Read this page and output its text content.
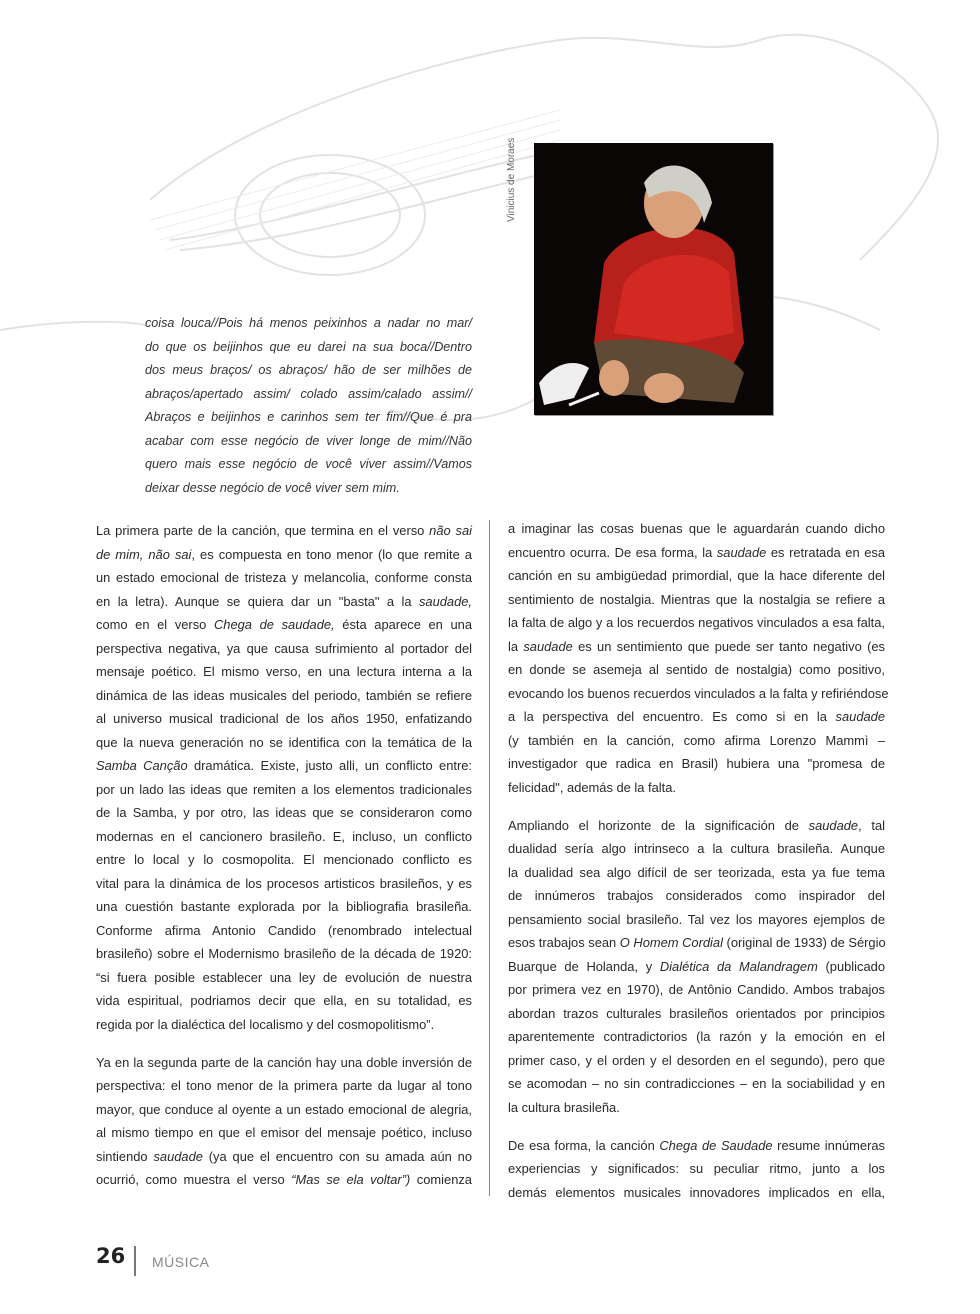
Vinicius de Moraes
coisa louca//Pois há menos peixinhos a nadar no mar/
do que os beijinhos que eu darei na sua boca//Dentro
dos meus braços/ os abraços/ hão de ser milhões de
abraços/apertado assim/ colado assim/calado assim//
Abraços e beijinhos e carinhos sem ter fim//Que é pra
acabar com esse negócio de viver longe de mim//Não
quero mais esse negócio de você viver assim//Vamos
deixar desse negócio de você viver sem mim.
La primera parte de la canción, que termina en el verso não sai
de mim, não sai, es compuesta en tono menor (lo que remite a
un estado emocional de tristeza y melancolia, conforme consta
en la letra). Aunque se quiera dar un "basta" a la saudade,
como en el verso Chega de saudade, ésta aparece en una
perspectiva negativa, ya que causa sufrimiento al portador del
mensaje poético. El mismo verso, en una lectura interna a la
dinámica de las ideas musicales del periodo, también se refiere
al universo musical tradicional de los años 1950, enfatizando
que la nueva generación no se identifica con la temática de la
Samba Canção dramática. Existe, justo alli, un conflicto entre:
por un lado las ideas que remiten a los elementos tradicionales
de la Samba, y por otro, las ideas que se consideraron como
modernas en el cancionero brasileño. E, incluso, un conflicto
entre lo local y lo cosmopolita. El mencionado conflicto es
vital para la dinámica de los procesos artisticos brasileños, y es
una cuestión bastante explorada por la bibliografia brasileña.
Conforme afirma Antonio Candido (renombrado intelectual
brasileño) sobre el Modernismo brasileño de la década de 1920:
“si fuera posible establecer una ley de evolución de nuestra
vida espiritual, podriamos decir que ella, en su totalidad, es
regida por la dialéctica del localismo y del cosmopolitismo”.
Ya en la segunda parte de la canción hay una doble inversión de
perspectiva: el tono menor de la primera parte da lugar al tono
mayor, que conduce al oyente a un estado emocional de alegria,
al mismo tiempo en que el emisor del mensaje poético, incluso
sintiendo saudade (ya que el encuentro con su amada aún no
ocurrió, como muestra el verso “Mas se ela voltar”) comienza
a imaginar las cosas buenas que le aguardarán cuando dicho
encuentro ocurra. De esa forma, la saudade es retratada en esa
canción en su ambigüedad primordial, que la hace diferente del
sentimiento de nostalgia. Mientras que la nostalgia se refiere a
la falta de algo y a los recuerdos negativos vinculados a esa falta,
la saudade es un sentimiento que puede ser tanto negativo (es
en donde se asemeja al sentido de nostalgia) como positivo,
evocando los buenos recuerdos vinculados a la falta y refiriéndose
a la perspectiva del encuentro. Es como si en la saudade
(y también en la canción, como afirma Lorenzo Mammì –
investigador que radica en Brasil) hubiera una "promesa de
felicidad", además de la falta.
Ampliando el horizonte de la significación de saudade, tal
dualidad sería algo intrinseco a la cultura brasileña. Aunque
la dualidad sea algo difícil de ser teorizada, esta ya fue tema
de innúmeros trabajos considerados como inspirador del
pensamiento social brasileño. Tal vez los mayores ejemplos de
esos trabajos sean O Homem Cordial (original de 1933) de Sérgio
Buarque de Holanda, y Dialética da Malandragem (publicado
por primera vez en 1970), de Antônio Candido. Ambos trabajos
abordan trazos culturales brasileños orientados por principios
aparentemente contradictorios (la razón y la emoción en el
primer caso, y el orden y el desorden en el segundo), pero que
se acomodan – no sin contradicciones – en la sociabilidad y en
la cultura brasileña.
De esa forma, la canción Chega de Saudade resume innúmeras
experiencias y significados: su peculiar ritmo, junto a los
demás elementos musicales innovadores implicados en ella,
26 MÚSICA
